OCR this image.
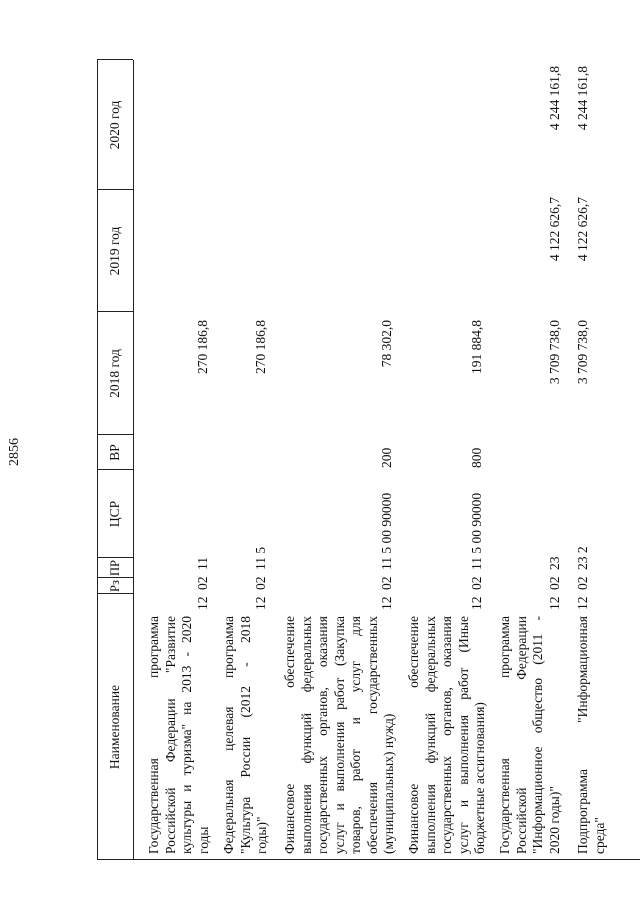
2856
Наименование
Рз
ПР
ЦСР
ВР
2018 год
2019 год
2020 год
Государственная программа Российской Федерации "Развитие культуры и туризма" на 2013 - 2020 годы
12
02
11
270 186,8
Федеральная целевая программа "Культура России (2012 - 2018 годы)"
12
02
11 5
270 186,8
Финансовое обеспечение выполнения функций федеральных государственных органов, оказания услуг и выполнения работ (Закупка товаров, работ и услуг для обеспечения государственных (муниципальных) нужд)
12
02
11 5 00 90000
200
78 302,0
Финансовое обеспечение выполнения функций федеральных государственных органов, оказания услуг и выполнения работ (Иные бюджетные ассигнования)
12
02
11 5 00 90000
800
191 884,8
Государственная программа Российской Федерации "Информационное общество (2011 - 2020 годы)"
12
02
23
3 709 738,0
4 122 626,7
4 244 161,8
Подпрограмма "Информационная среда"
12
02
23 2
3 709 738,0
4 122 626,7
4 244 161,8
